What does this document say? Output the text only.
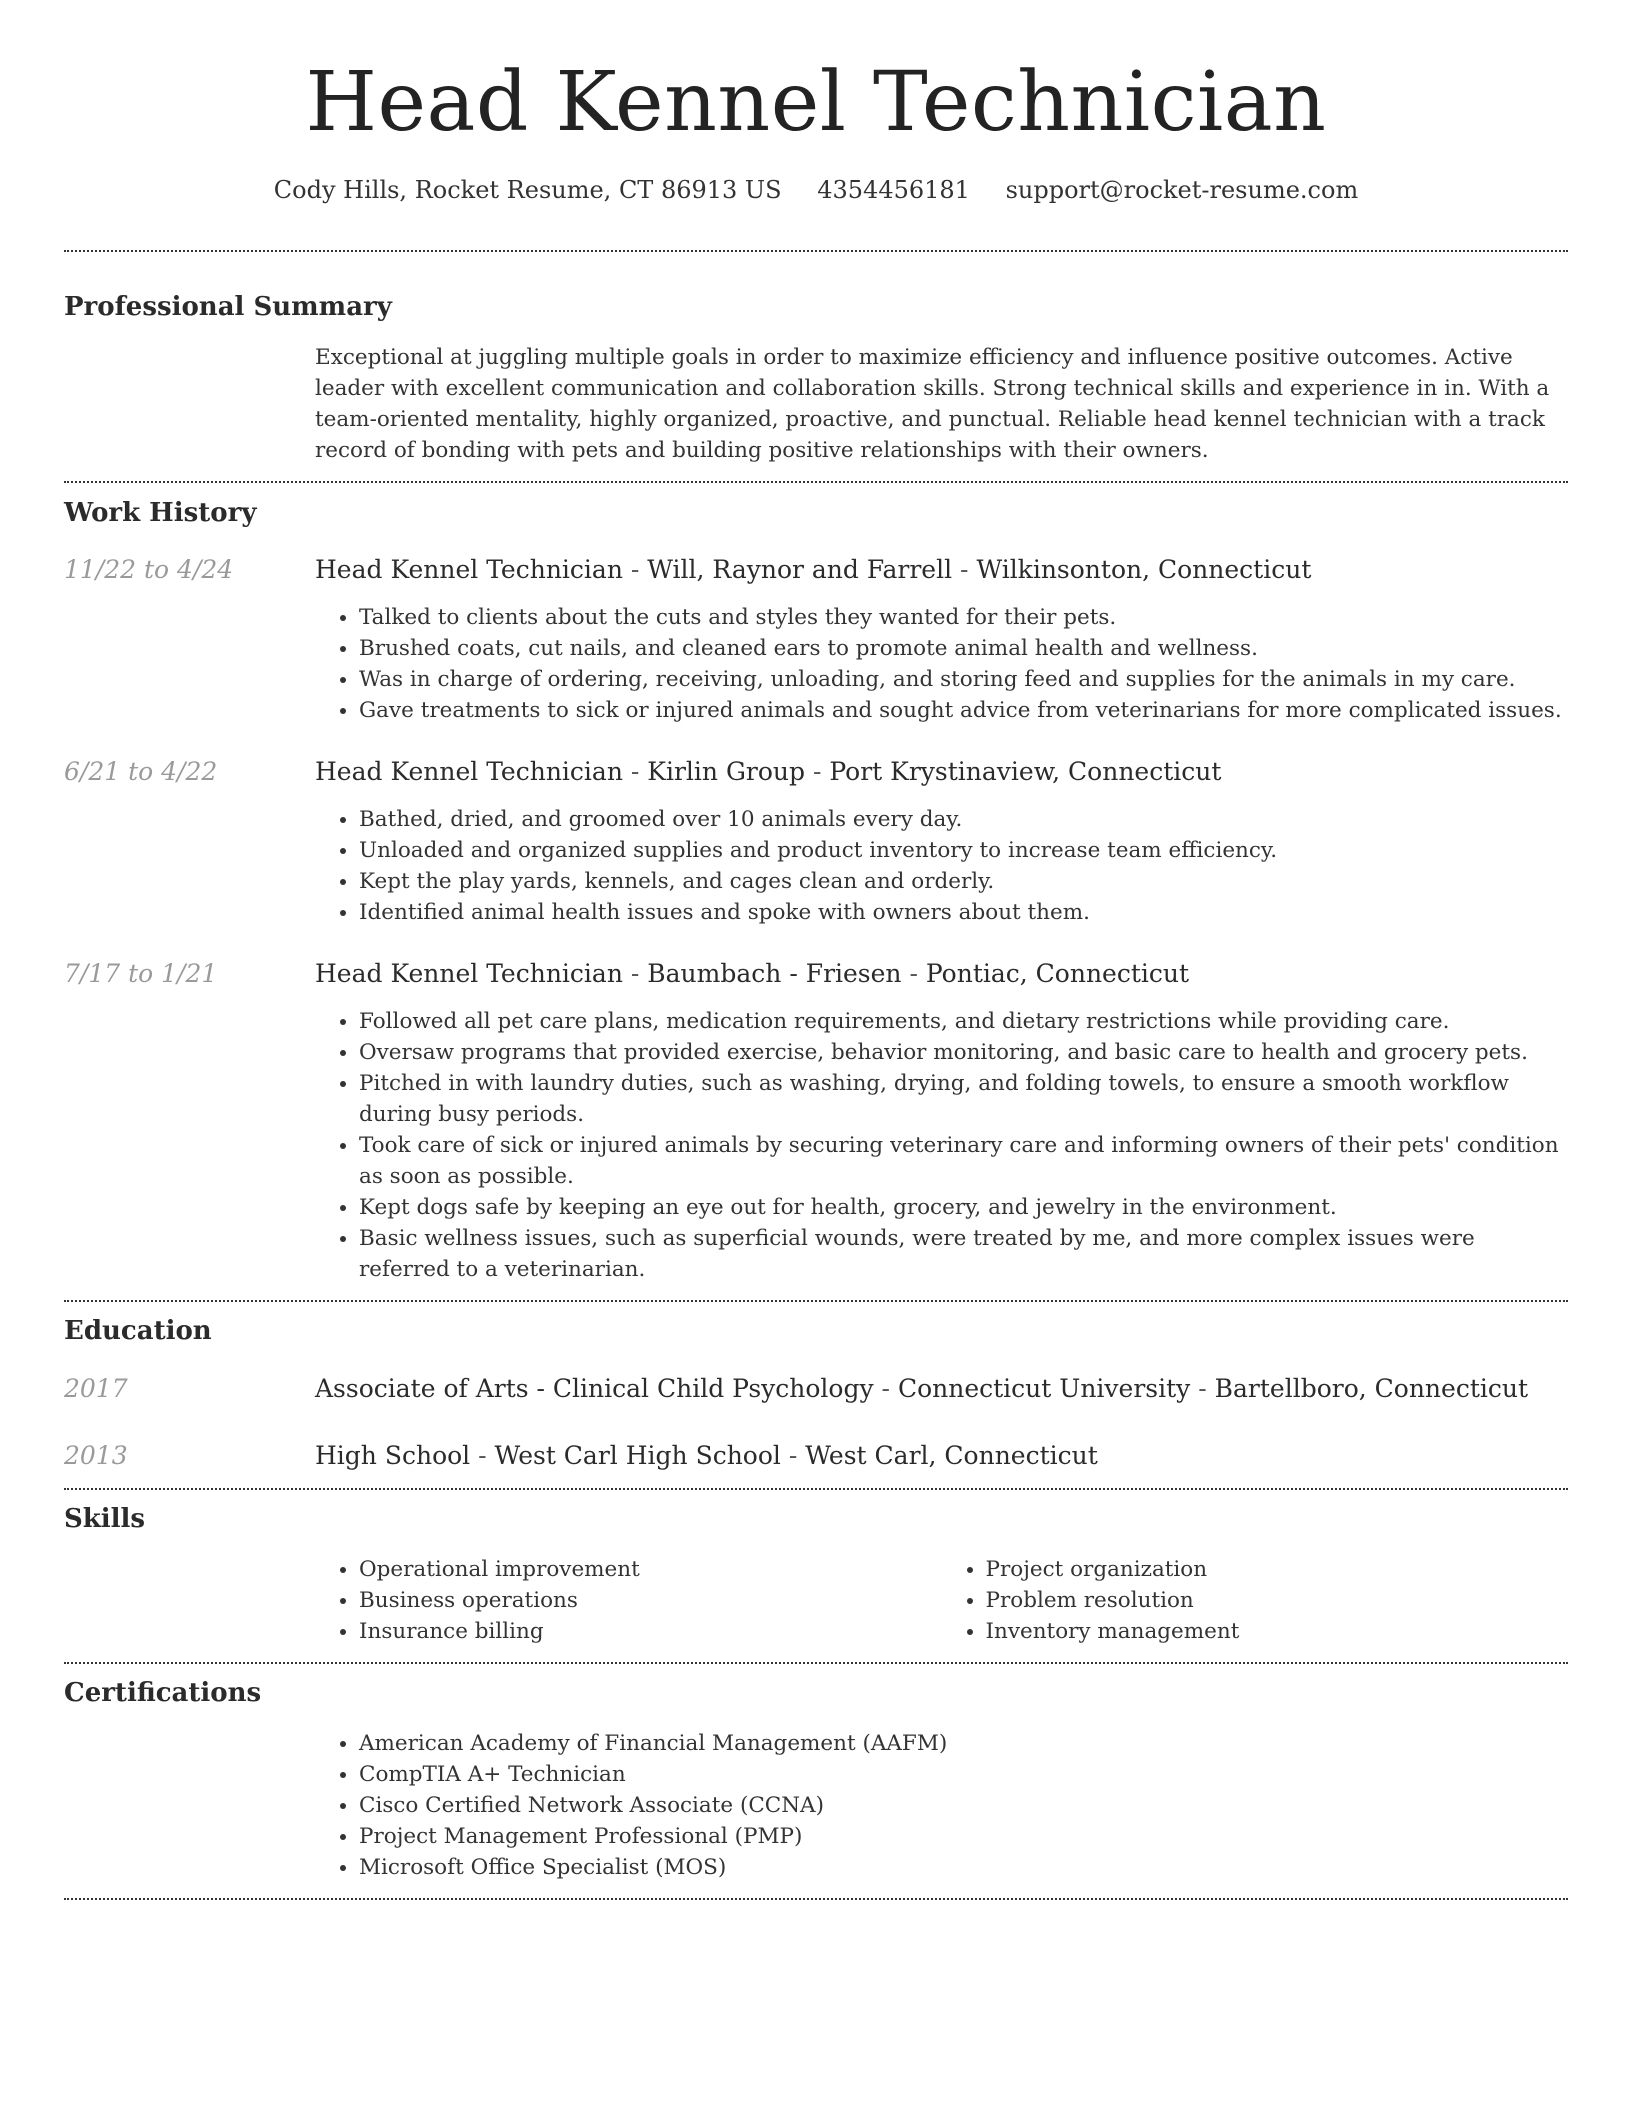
Head Kennel Technician
Cody Hills, Rocket Resume, CT 86913 US 4354456181 support@rocket-resume.com
Professional Summary

Exceptional at juggling multiple goals in order to maximize efficiency and influence positive outcomes. Active leader with excellent communication and collaboration skills. Strong technical skills and experience in in. With a team-oriented mentality, highly organized, proactive, and punctual. Reliable head kennel technician with a track record of bonding with pets and building positive relationships with their owners.

Work History
11/22 to 4/24	Head Kennel Technician - Will, Raynor and Farrell - Wilkinsonton, Connecticut
• Talked to clients about the cuts and styles they wanted for their pets.
• Brushed coats, cut nails, and cleaned ears to promote animal health and wellness.
• Was in charge of ordering, receiving, unloading, and storing feed and supplies for the animals in my care.
• Gave treatments to sick or injured animals and sought advice from veterinarians for more complicated issues.
6/21 to 4/22	Head Kennel Technician - Kirlin Group - Port Krystinaview, Connecticut
• Bathed, dried, and groomed over 10 animals every day.
• Unloaded and organized supplies and product inventory to increase team efficiency.
• Kept the play yards, kennels, and cages clean and orderly.
• Identified animal health issues and spoke with owners about them.
7/17 to 1/21	Head Kennel Technician - Baumbach - Friesen - Pontiac, Connecticut
• Followed all pet care plans, medication requirements, and dietary restrictions while providing care.
• Oversaw programs that provided exercise, behavior monitoring, and basic care to health and grocery pets.
• Pitched in with laundry duties, such as washing, drying, and folding towels, to ensure a smooth workflow during busy periods.
• Took care of sick or injured animals by securing veterinary care and informing owners of their pets' condition as soon as possible.
• Kept dogs safe by keeping an eye out for health, grocery, and jewelry in the environment.
• Basic wellness issues, such as superficial wounds, were treated by me, and more complex issues were referred to a veterinarian.
Education
2017	Associate of Arts - Clinical Child Psychology - Connecticut University - Bartellboro, Connecticut
2013	High School - West Carl High School - West Carl, Connecticut
Skills
• Operational improvement
• Business operations
• Insurance billing
• Project organization
• Problem resolution
• Inventory management
Certifications
• American Academy of Financial Management (AAFM)
• CompTIA A+ Technician
• Cisco Certified Network Associate (CCNA)
• Project Management Professional (PMP)
• Microsoft Office Specialist (MOS)
